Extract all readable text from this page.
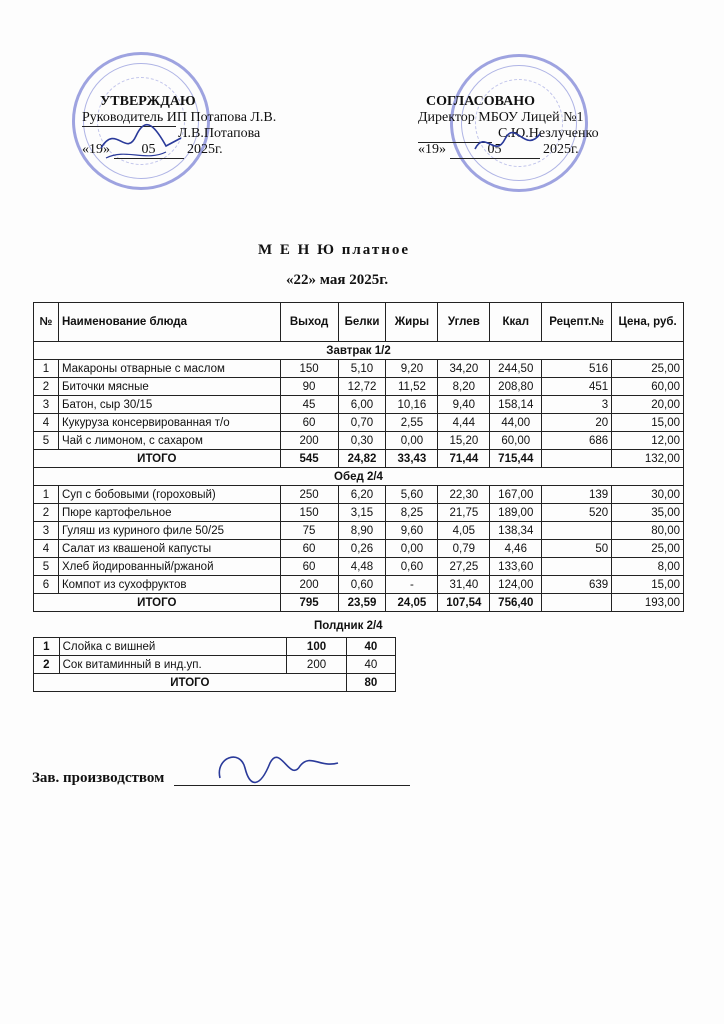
УТВЕРЖДАЮ
Руководитель ИП Потапова Л.В.
Л.В.Потапова
«19» 05 2025г.
СОГЛАСОВАНО
Директор МБОУ Лицей №1
С.Ю.Незлученко
«19»	05	2025г.
М Е Н Ю платное
«22» мая 2025г.
№	Наименование блюда	Выход	Белки	Жиры	Углев	Ккал	Рецепт.№	Цена, руб.
Завтрак 1/2								
1	Макароны отварные с маслом	150	5,10	9,20	34,20	244,50	516	25,00
2	Биточки мясные	90	12,72	11,52	8,20	208,80	451	60,00
3	Батон, сыр 30/15	45	6,00	10,16	9,40	158,14	3	20,00
4	Кукуруза консервированная т/о	60	0,70	2,55	4,44	44,00	20	15,00
5	Чай с лимоном, с сахаром	200	0,30	0,00	15,20	60,00	686	12,00
ИТОГО		545	24,82	33,43	71,44	715,44		132,00
Обед 2/4								
1	Суп с бобовыми (гороховый)	250	6,20	5,60	22,30	167,00	139	30,00
2	Пюре картофельное	150	3,15	8,25	21,75	189,00	520	35,00
3	Гуляш из куриного филе 50/25	75	8,90	9,60	4,05	138,34		80,00
4	Салат из квашеной капусты	60	0,26	0,00	0,79	4,46	50	25,00
5	Хлеб йодированный/ржаной	60	4,48	0,60	27,25	133,60		8,00
6	Компот из сухофруктов	200	0,60	-	31,40	124,00	639	15,00
ИТОГО		795	23,59	24,05	107,54	756,40		193,00
Полдник 2/4
1	Слойка с вишней	100	40
2	Сок витаминный в инд.уп.	200	40
ИТОГО			80
Зав. производством
